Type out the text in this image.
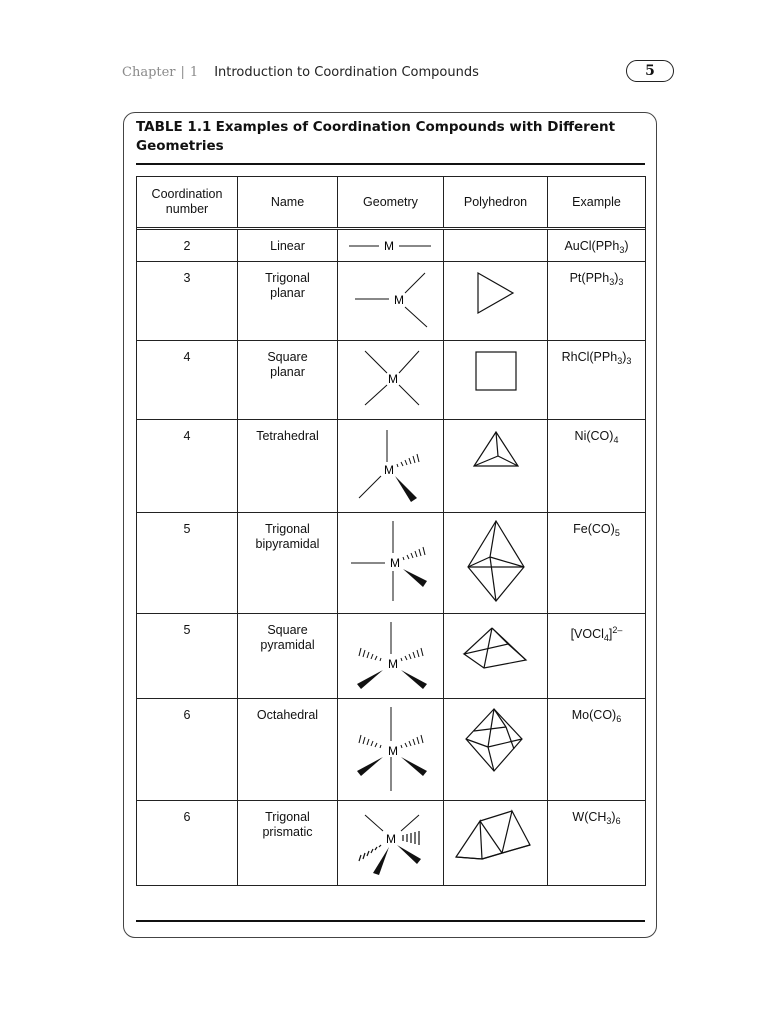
Chapter | 1 Introduction to Coordination Compounds	5
TABLE 1.1 Examples of Coordination Compounds with Different Geometries
Coordination number	Name	Geometry	Polyhedron	Example

2	Linear	M		AuCl(PPh$_3$)

3	Trigonal planar	M		$Pt(PPh_3)_3$

4	Square planar	M		$RhCl(PPh_3)_3$

4	Tetrahedral	M		$Ni(CO)_4$

5	Trigonal bipyramidal	M		$Fe(CO)_5$

5	Square pyramidal	M		[VOCl$_4$]$^{2-}$

6	Octahedral	M		$Mo(CO)_6$

6	Trigonal prismatic	M		$W(CH_3)_6$
